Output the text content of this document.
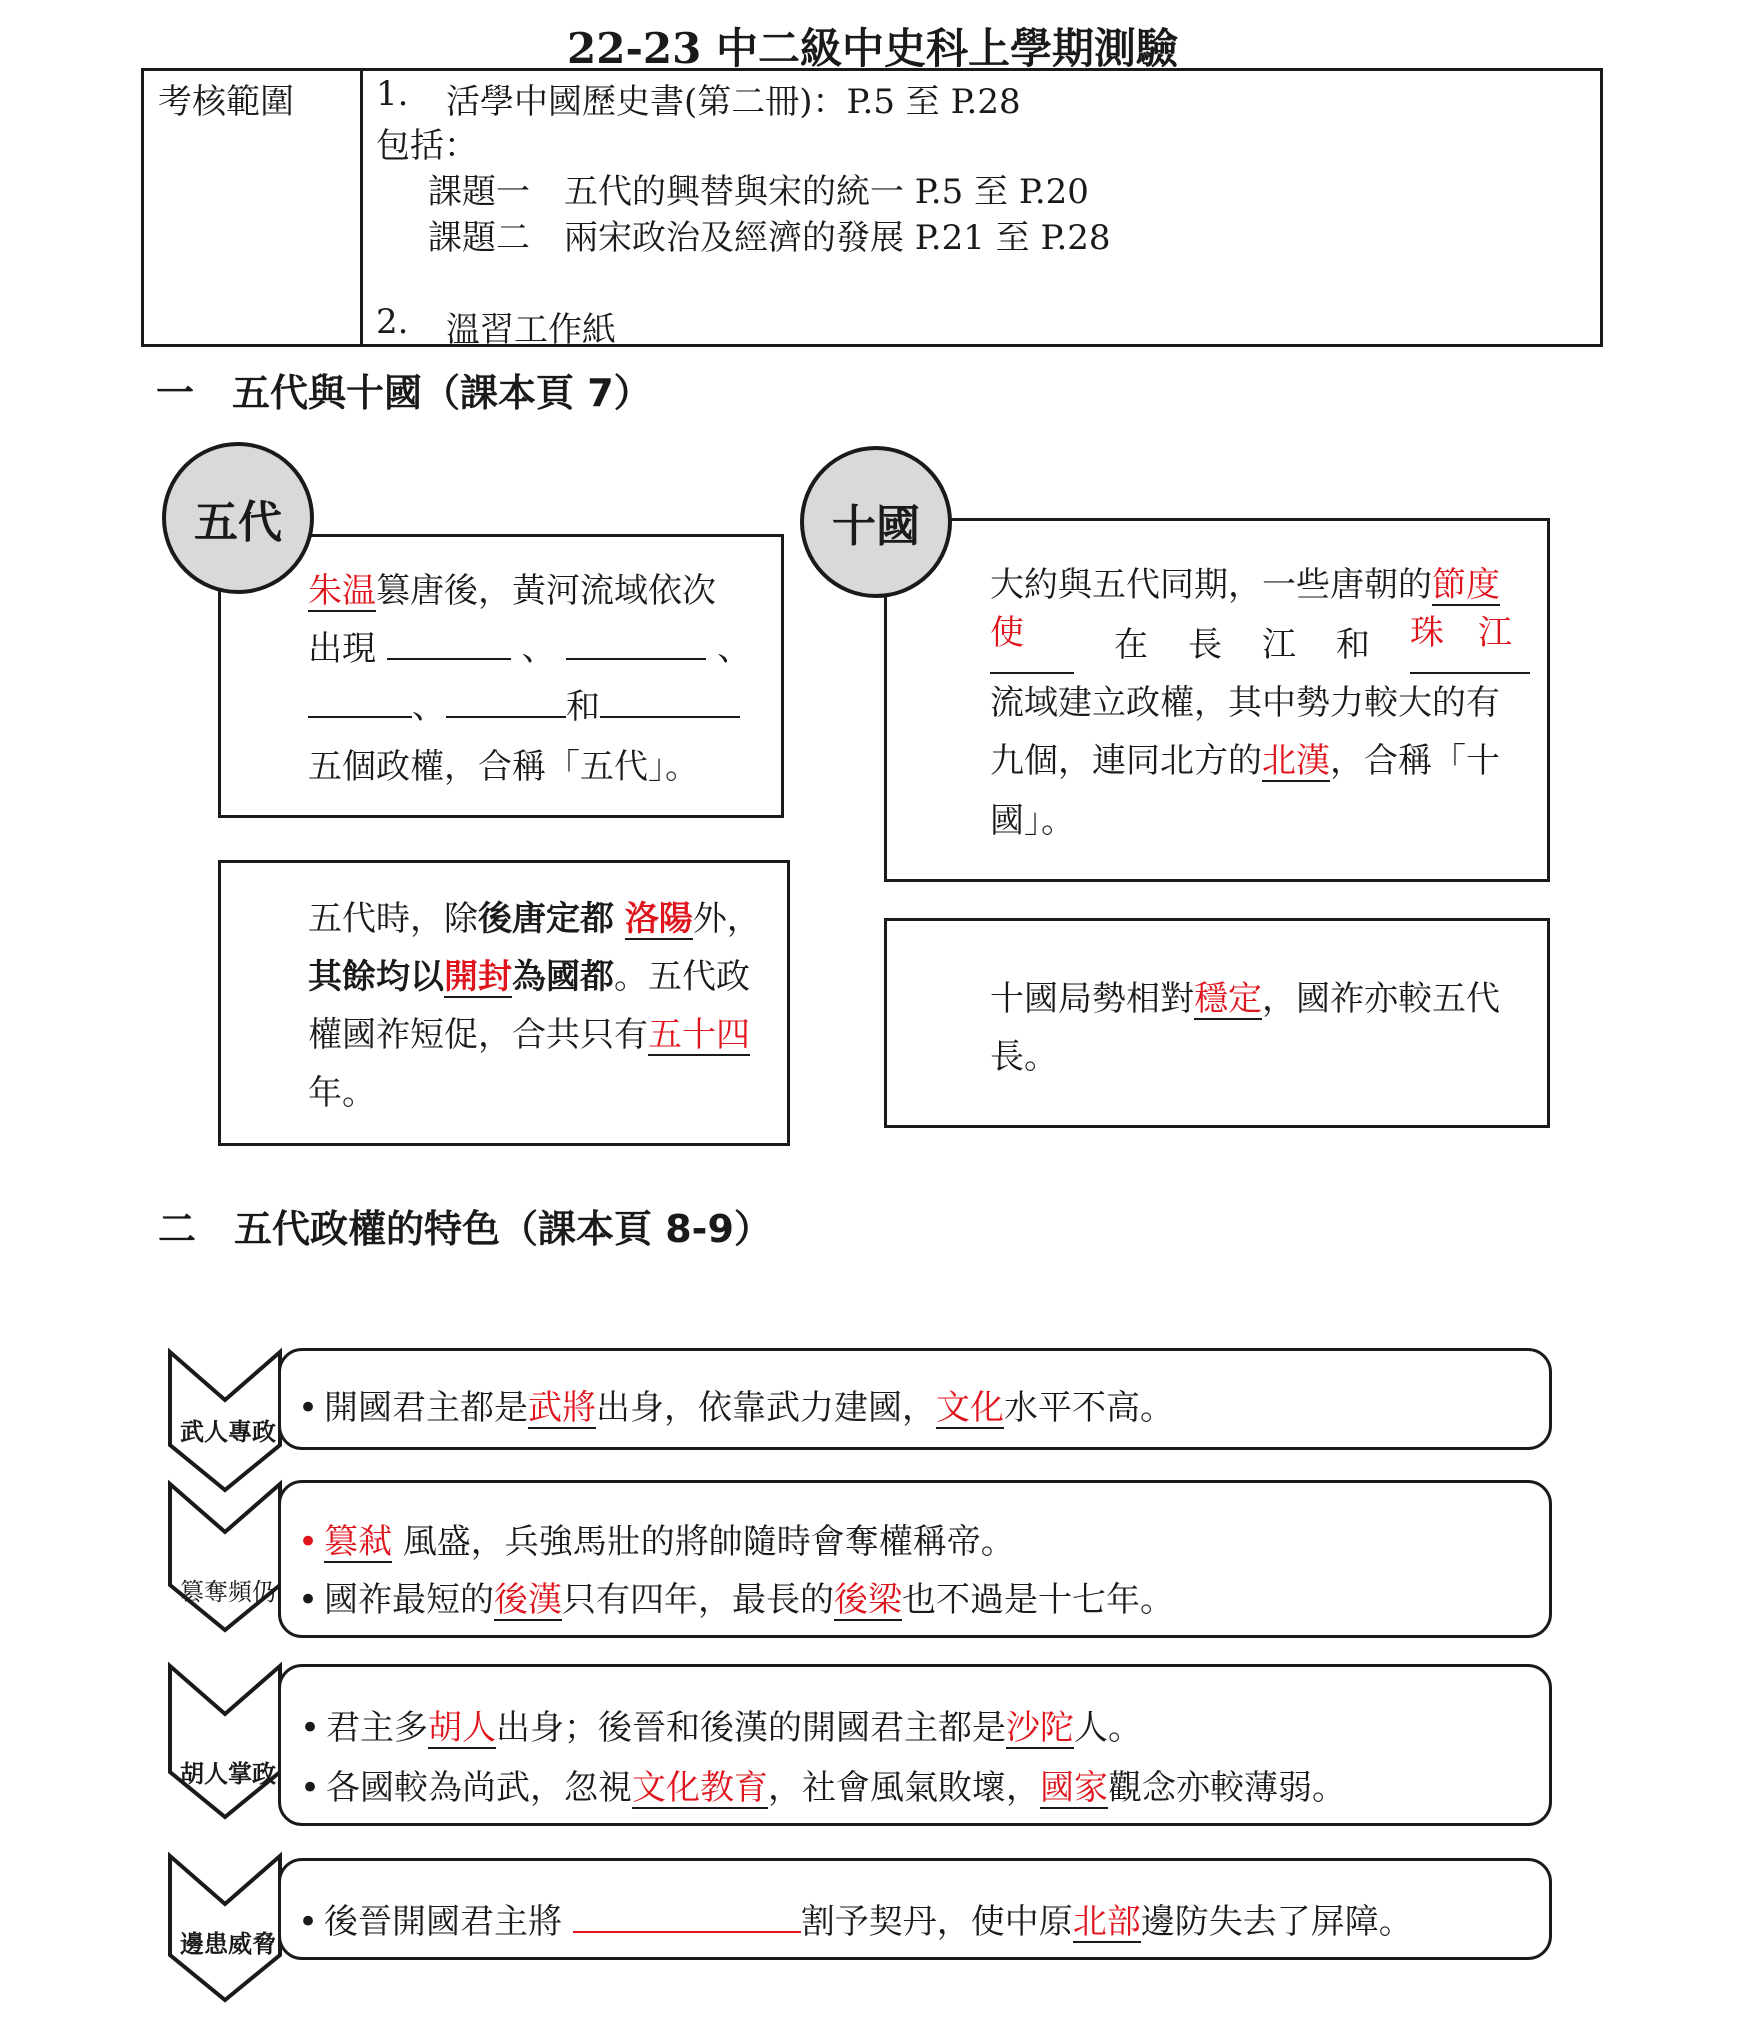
22-23 中二級中史科上學期測驗
考核範圍 1. 活學中國歷史書(第二冊)：P.5 至 P.28
包括：
課題一　五代的興替與宋的統一 P.5 至 P.20
課題二　兩宋政治及經濟的發展 P.21 至 P.28
2. 溫習工作紙
一　五代與十國（課本頁 7）
五代
朱温篡唐後，黃河流域依次
出現	、	、
、	和
五個政權，合稱「五代」。
五代時，除後唐定都 洛陽外，
其餘均以開封為國都。五代政
權國祚短促，合共只有五十四
年。
十國
大約與五代同期，一些唐朝的節度
使	在 長 江 和 珠  江
流域建立政權，其中勢力較大的有
九個，連同北方的北漢，合稱「十
國」。
十國局勢相對穩定，國祚亦較五代
長。
二　五代政權的特色（課本頁 8-9）
武人專政
篡奪頻仍
胡人掌政
邊患威脅
• 開國君主都是武將出身，依靠武力建國，文化水平不高。
• 篡弒 風盛，兵強馬壯的將帥隨時會奪權稱帝。
• 國祚最短的後漢只有四年，最長的後梁也不過是十七年。
• 君主多胡人出身；後晉和後漢的開國君主都是沙陀人。
• 各國較為尚武，忽視文化教育，社會風氣敗壞，國家觀念亦較薄弱。
• 後晉開國君主將	割予契丹，使中原北部邊防失去了屏障。
